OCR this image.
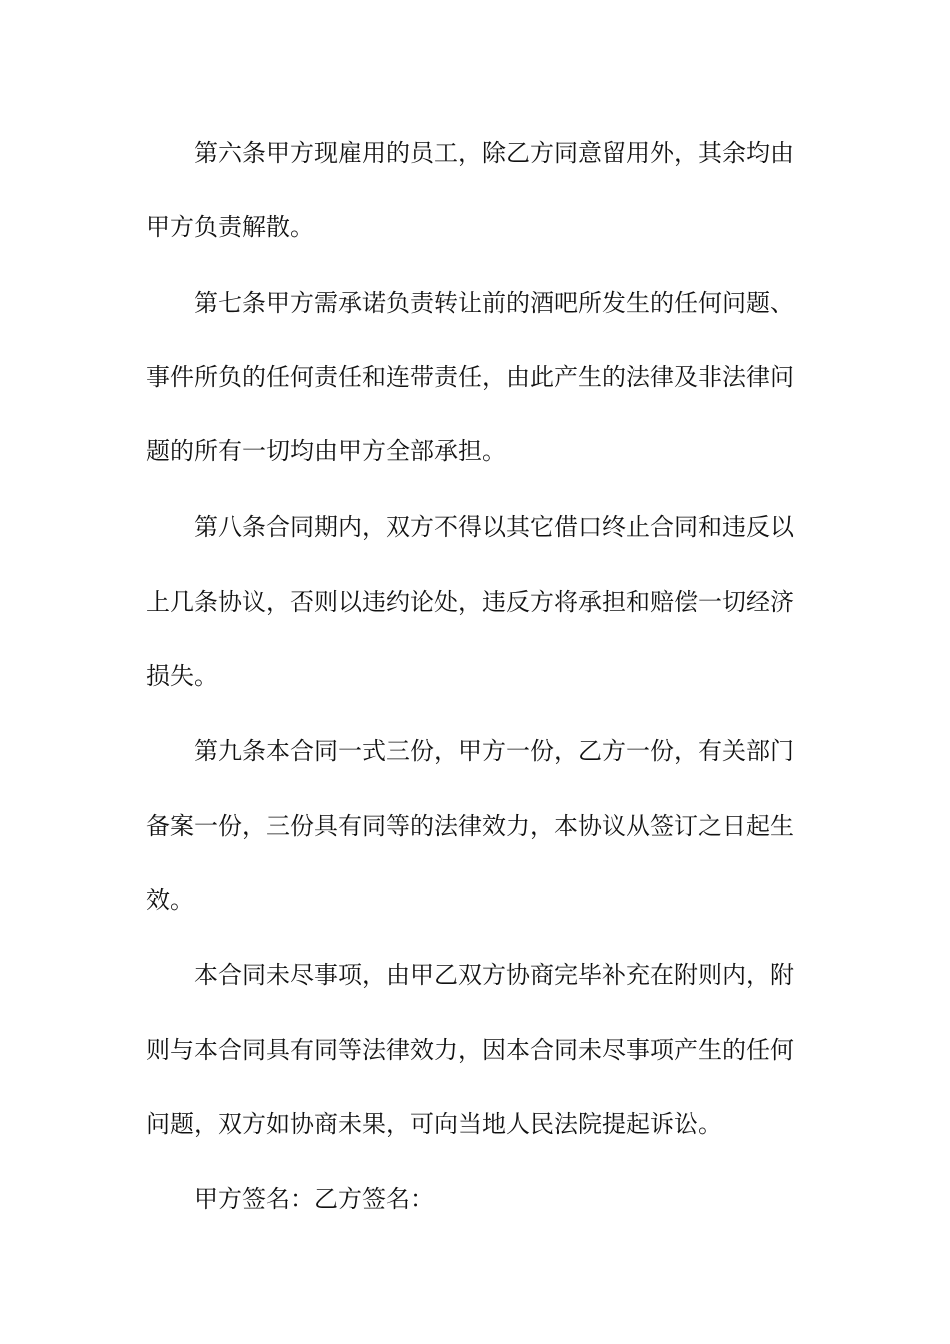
第六条甲方现雇用的员工，除乙方同意留用外，其余均由
甲方负责解散。
第七条甲方需承诺负责转让前的酒吧所发生的任何问题、
事件所负的任何责任和连带责任，由此产生的法律及非法律问
题的所有一切均由甲方全部承担。
第八条合同期内，双方不得以其它借口终止合同和违反以
上几条协议，否则以违约论处，违反方将承担和赔偿一切经济
损失。
第九条本合同一式三份，甲方一份，乙方一份，有关部门
备案一份，三份具有同等的法律效力，本协议从签订之日起生
效。
本合同未尽事项，由甲乙双方协商完毕补充在附则内，附
则与本合同具有同等法律效力，因本合同未尽事项产生的任何
问题，双方如协商未果，可向当地人民法院提起诉讼。
甲方签名：乙方签名：
